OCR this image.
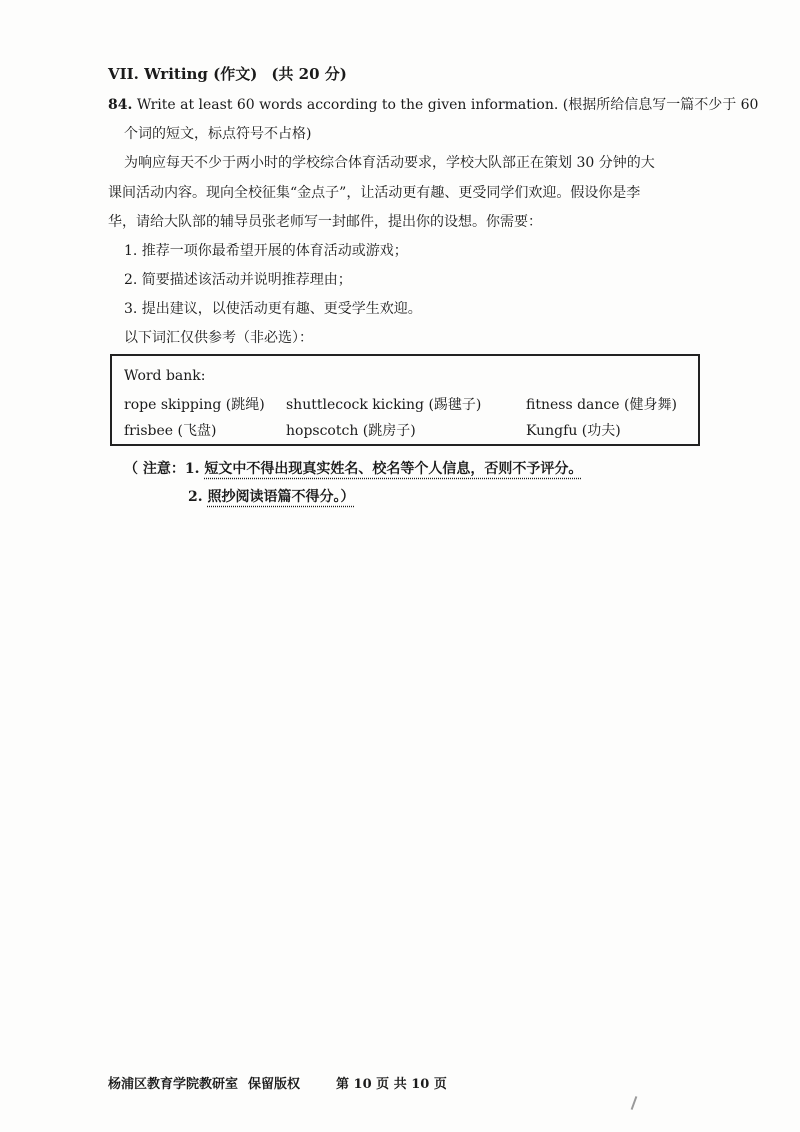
VII. Writing (作文) (共 20 分)
84. Write at least 60 words according to the given information. (根据所给信息写一篇不少于 60
个词的短文，标点符号不占格)
为响应每天不少于两小时的学校综合体育活动要求，学校大队部正在策划 30 分钟的大
课间活动内容。现向全校征集“金点子”，让活动更有趣、更受同学们欢迎。假设你是李
华，请给大队部的辅导员张老师写一封邮件，提出你的设想。你需要：
1. 推荐一项你最希望开展的体育活动或游戏；
2. 简要描述该活动并说明推荐理由；
3. 提出建议，以使活动更有趣、更受学生欢迎。
以下词汇仅供参考（非必选）：
Word bank:
rope skipping (跳绳) shuttlecock kicking (踢毽子)	fitness dance (健身舞)
frisbee (飞盘)	hopscotch (跳房子)	Kungfu (功夫)
（ 注意：1. 短文中不得出现真实姓名、校名等个人信息，否则不予评分。
2. 照抄阅读语篇不得分。）
杨浦区教育学院教研室 保留版权	第 10 页 共 10 页
